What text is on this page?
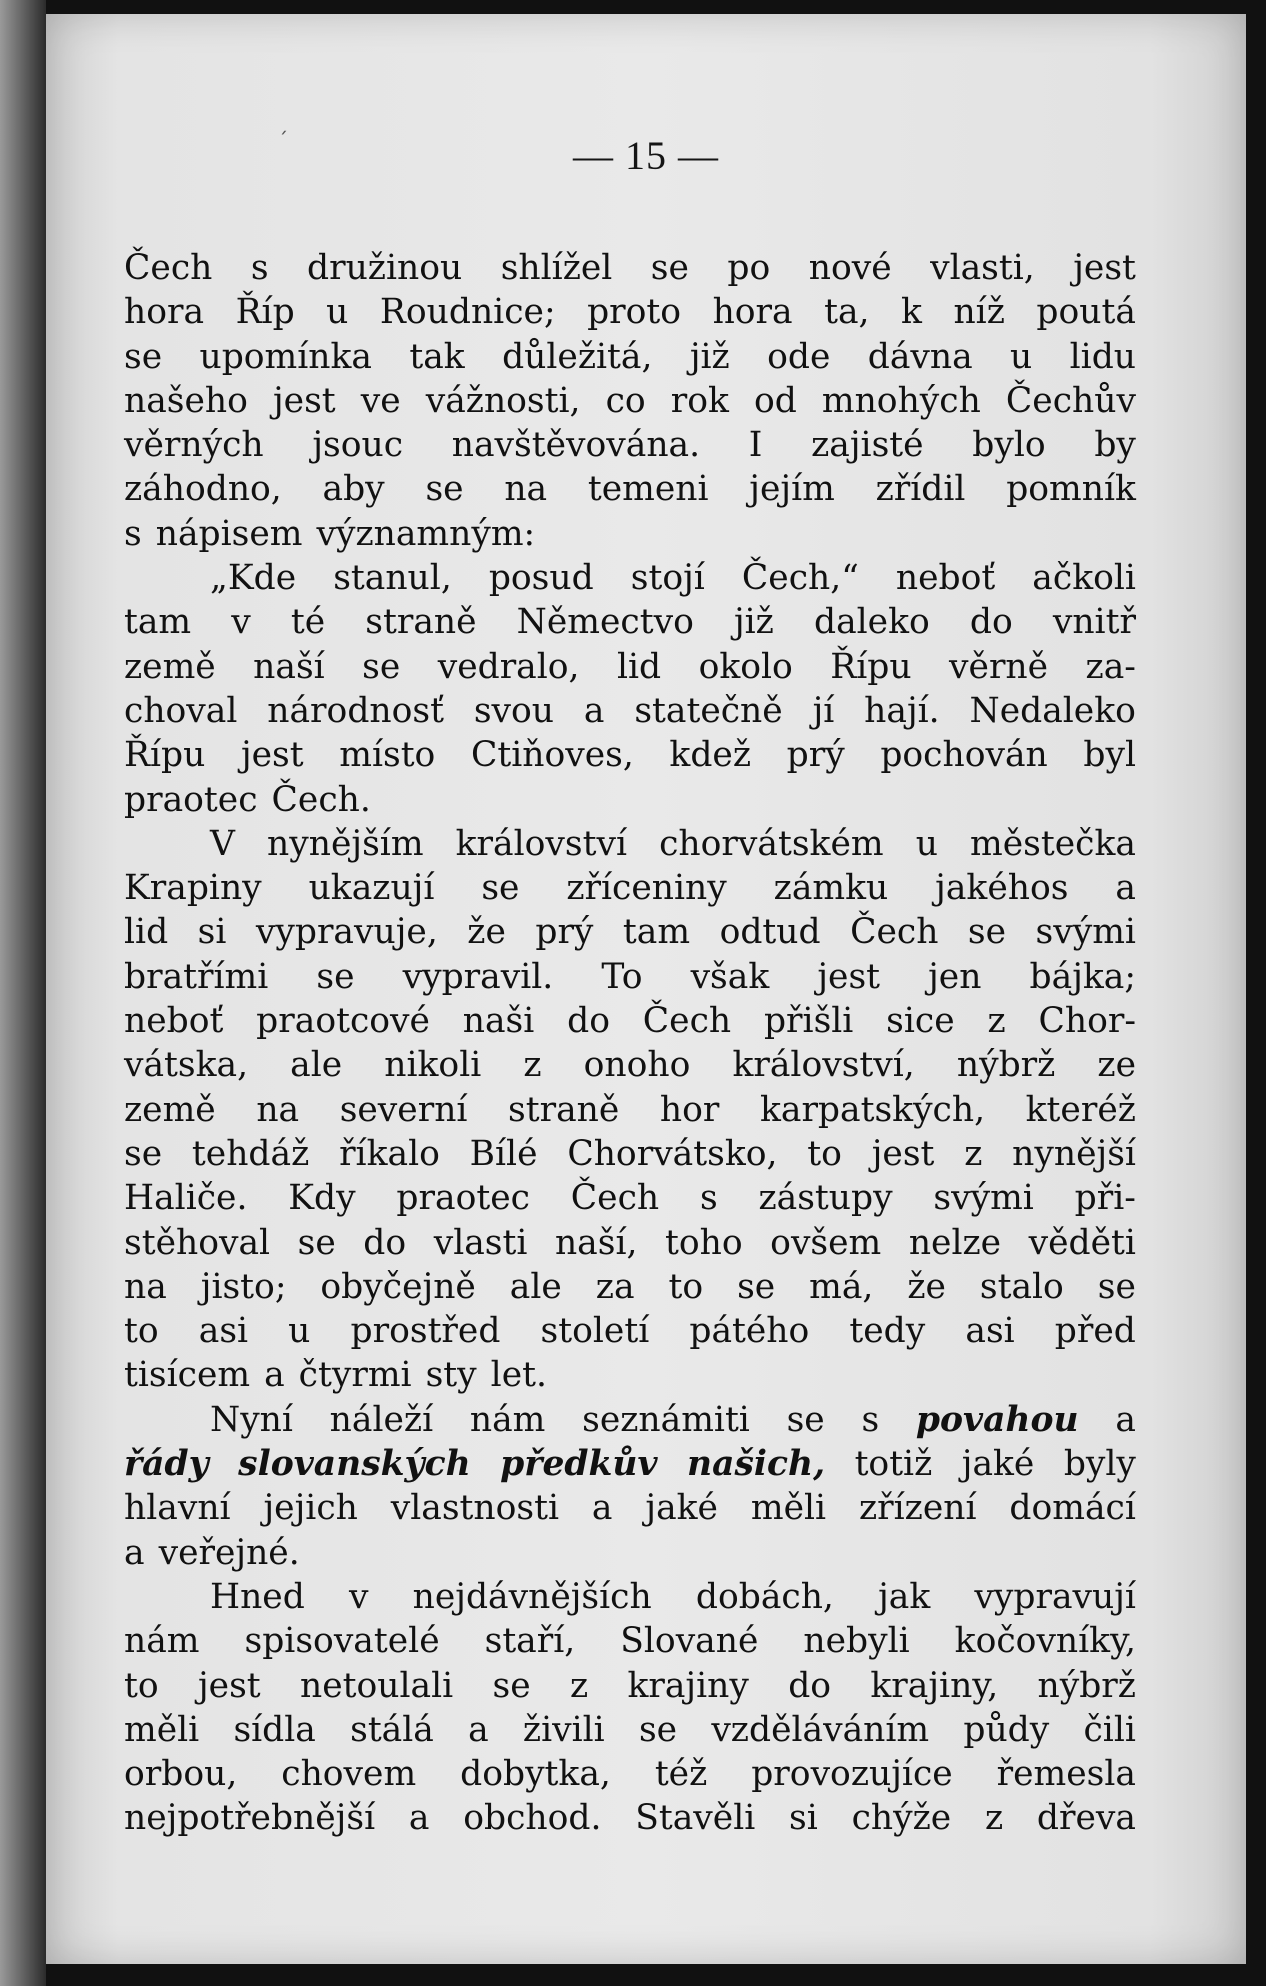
— 15 —
Čech s družinou shlížel se po nové vlasti, jest
hora Říp u Roudnice; proto hora ta, k níž poutá
se upomínka tak důležitá, již ode dávna u lidu
našeho jest ve vážnosti, co rok od mnohých Čechův
věrných jsouc navštěvována. I zajisté bylo by
záhodno, aby se na temeni jejím zřídil pomník
s nápisem významným:
„Kde stanul, posud stojí Čech,“ neboť ačkoli
tam v té straně Němectvo již daleko do vnitř
země naší se vedralo, lid okolo Řípu věrně za-
choval národnosť svou a statečně jí hají. Nedaleko
Řípu jest místo Ctiňoves, kdež prý pochován byl
praotec Čech.
V nynějším království chorvátském u městečka
Krapiny ukazují se zříceniny zámku jakéhos a
lid si vypravuje, že prý tam odtud Čech se svými
bratřími se vypravil. To však jest jen bájka;
neboť praotcové naši do Čech přišli sice z Chor-
vátska, ale nikoli z onoho království, nýbrž ze
země na severní straně hor karpatských, kteréž
se tehdáž říkalo Bílé Chorvátsko, to jest z nynější
Haliče. Kdy praotec Čech s zástupy svými při-
stěhoval se do vlasti naší, toho ovšem nelze věděti
na jisto; obyčejně ale za to se má, že stalo se
to asi u prostřed století pátého tedy asi před
tisícem a čtyrmi sty let.
Nyní náleží nám seznámiti se s povahou a
řády slovanských předkův našich, totiž jaké byly
hlavní jejich vlastnosti a jaké měli zřízení domácí
a veřejné.
Hned v nejdávnějších dobách, jak vypravují
nám spisovatelé staří, Slované nebyli kočovníky,
to jest netoulali se z krajiny do krajiny, nýbrž
měli sídla stálá a živili se vzděláváním půdy čili
orbou, chovem dobytka, též provozujíce řemesla
nejpotřebnější a obchod. Stavěli si chýže z dřeva
ˊ
